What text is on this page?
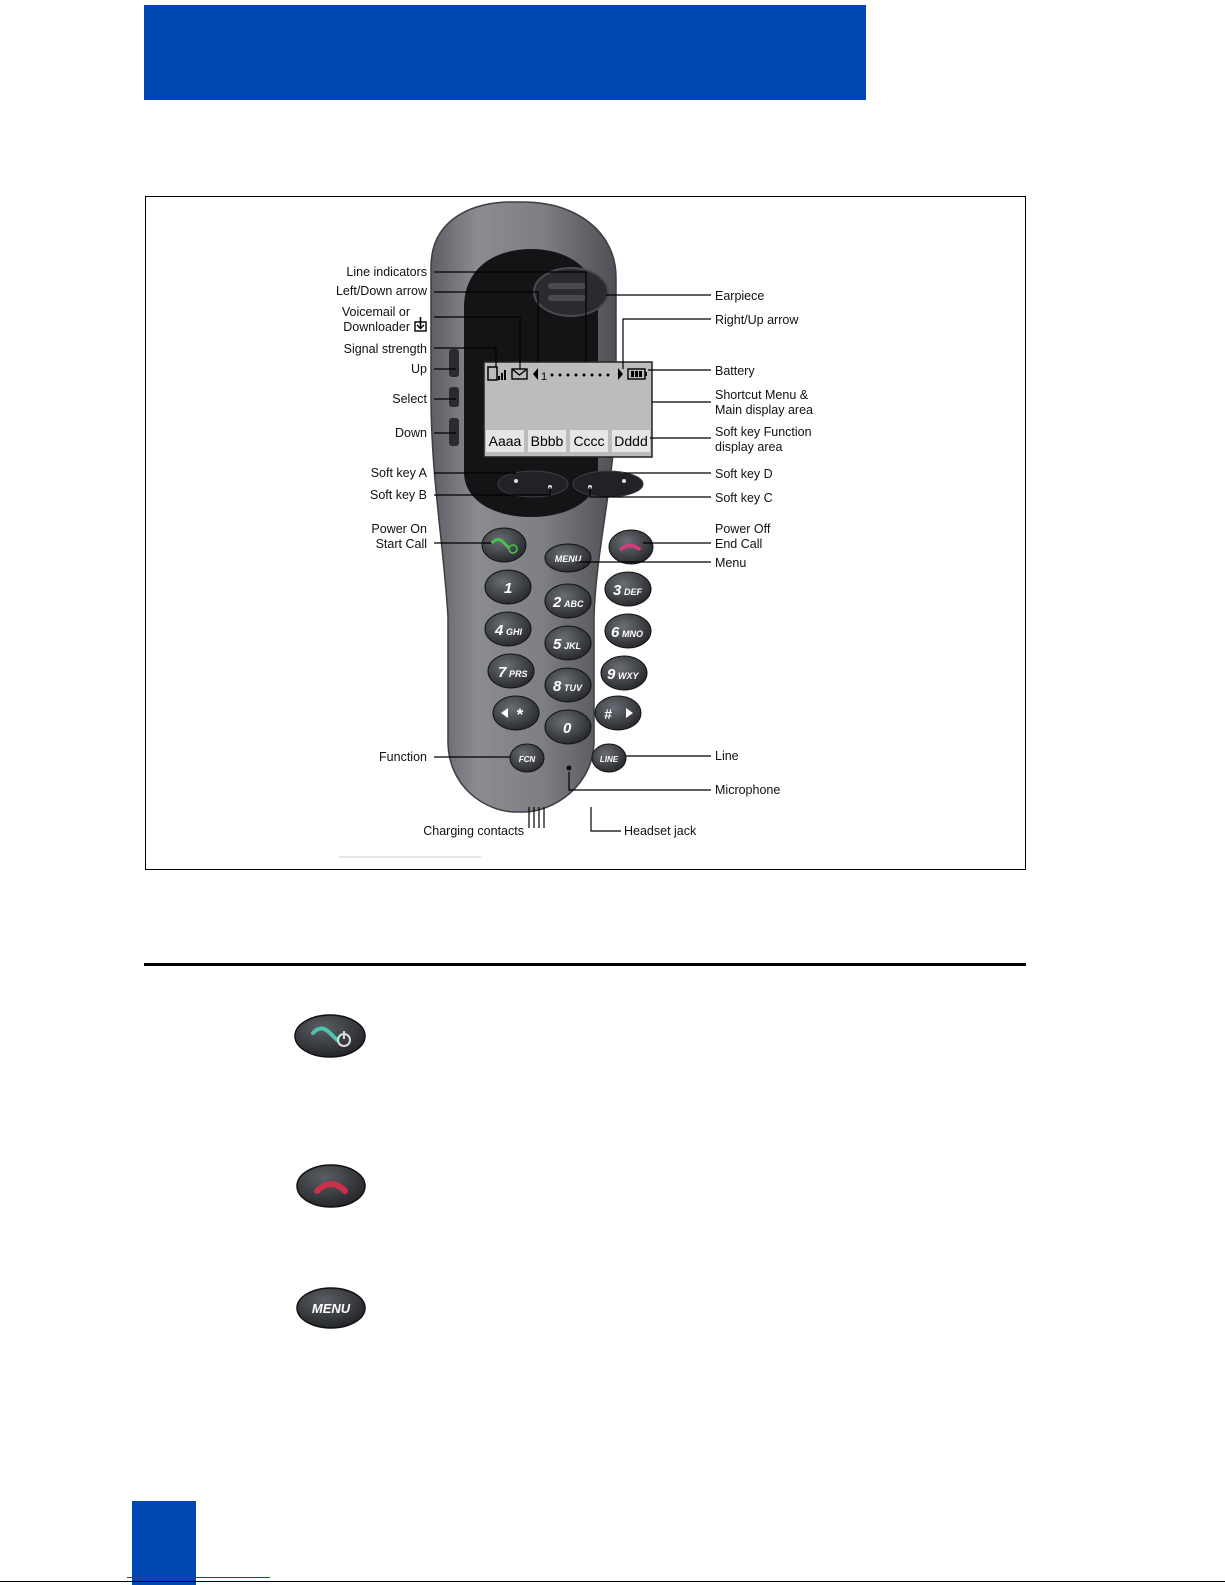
1
Aaaa Bbbb Cccc Dddd
MENU
1
2 ABC
3 DEF
4 GHI
5 JKL
6 MNO
7 PRS
8 TUV
9 WXY
*
0
#
FCN	LINE
Line indicators
Left/Down arrow
Voicemail or
Downloader
Signal strength
Up
Select
Down
Soft key A
Soft key B
Power On
Start Call
Function
Charging contacts
Earpiece
Right/Up arrow
Battery
Shortcut Menu &
Main display area
Soft key Function
display area
Soft key D
Soft key C
Power Off
End Call
Menu
Line
Microphone
Headset jack
MENU
